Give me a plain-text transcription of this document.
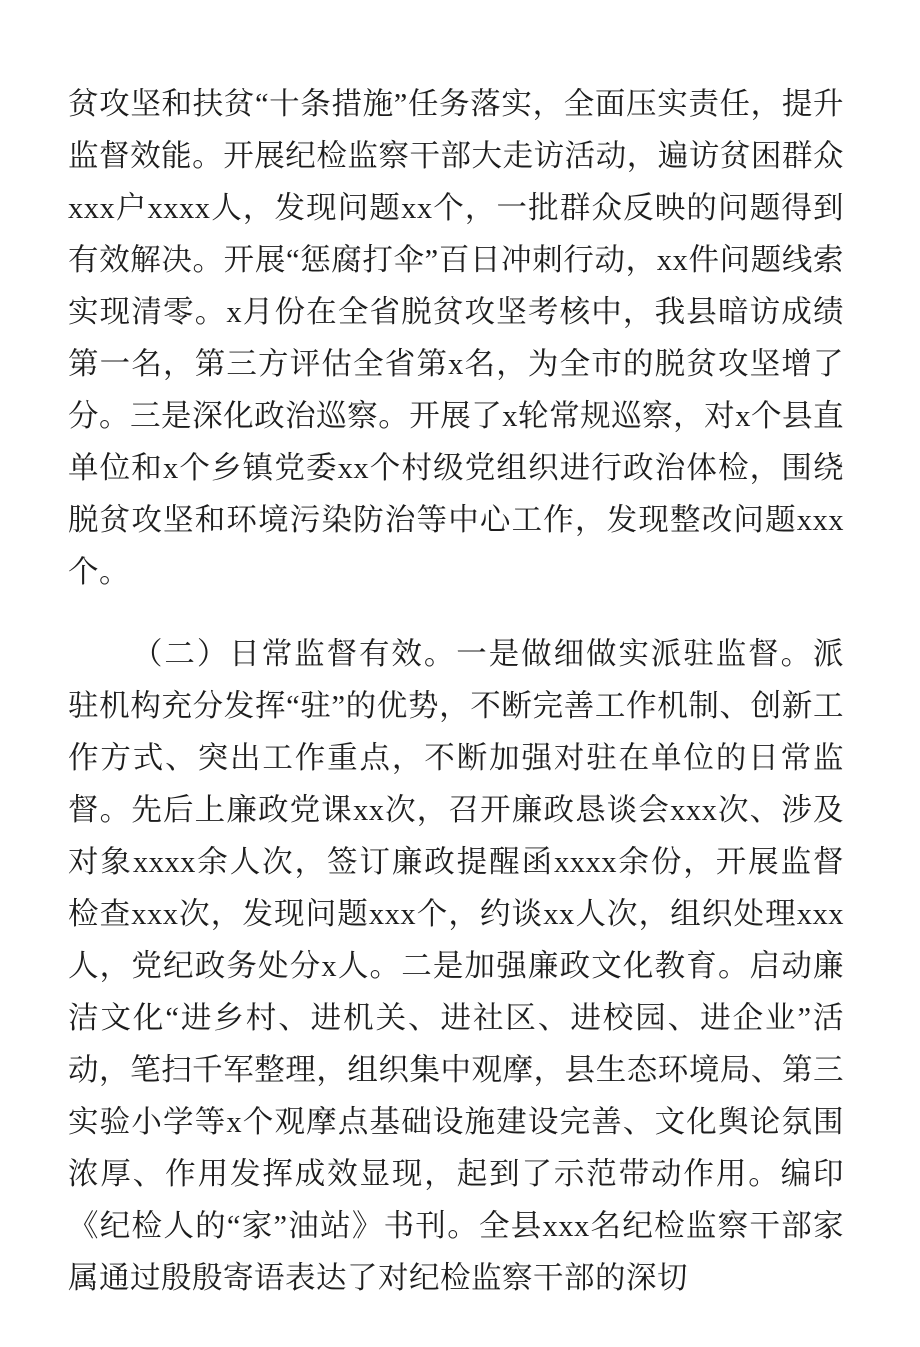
贫攻坚和扶贫“十条措施”任务落实，全面压实责任，提升监督效能。开展纪检监察干部大走访活动，遍访贫困群众xxx户xxxx人，发现问题xx个，一批群众反映的问题得到有效解决。开展“惩腐打伞”百日冲刺行动，xx件问题线索实现清零。x月份在全省脱贫攻坚考核中，我县暗访成绩第一名，第三方评估全省第x名，为全市的脱贫攻坚增了分。三是深化政治巡察。开展了x轮常规巡察，对x个县直单位和x个乡镇党委xx个村级党组织进行政治体检，围绕脱贫攻坚和环境污染防治等中心工作，发现整改问题xxx个。

（二）日常监督有效。一是做细做实派驻监督。派驻机构充分发挥“驻”的优势，不断完善工作机制、创新工作方式、突出工作重点，不断加强对驻在单位的日常监督。先后上廉政党课xx次，召开廉政恳谈会xxx次、涉及对象xxxx余人次，签订廉政提醒函xxxx余份，开展监督检查xxx次，发现问题xxx个，约谈xx人次，组织处理xxx人，党纪政务处分x人。二是加强廉政文化教育。启动廉洁文化“进乡村、进机关、进社区、进校园、进企业”活动，笔扫千军整理，组织集中观摩，县生态环境局、第三实验小学等x个观摩点基础设施建设完善、文化舆论氛围浓厚、作用发挥成效显现，起到了示范带动作用。编印《纪检人的“家”油站》书刊。全县xxx名纪检监察干部家属通过殷殷寄语表达了对纪检监察干部的深切
